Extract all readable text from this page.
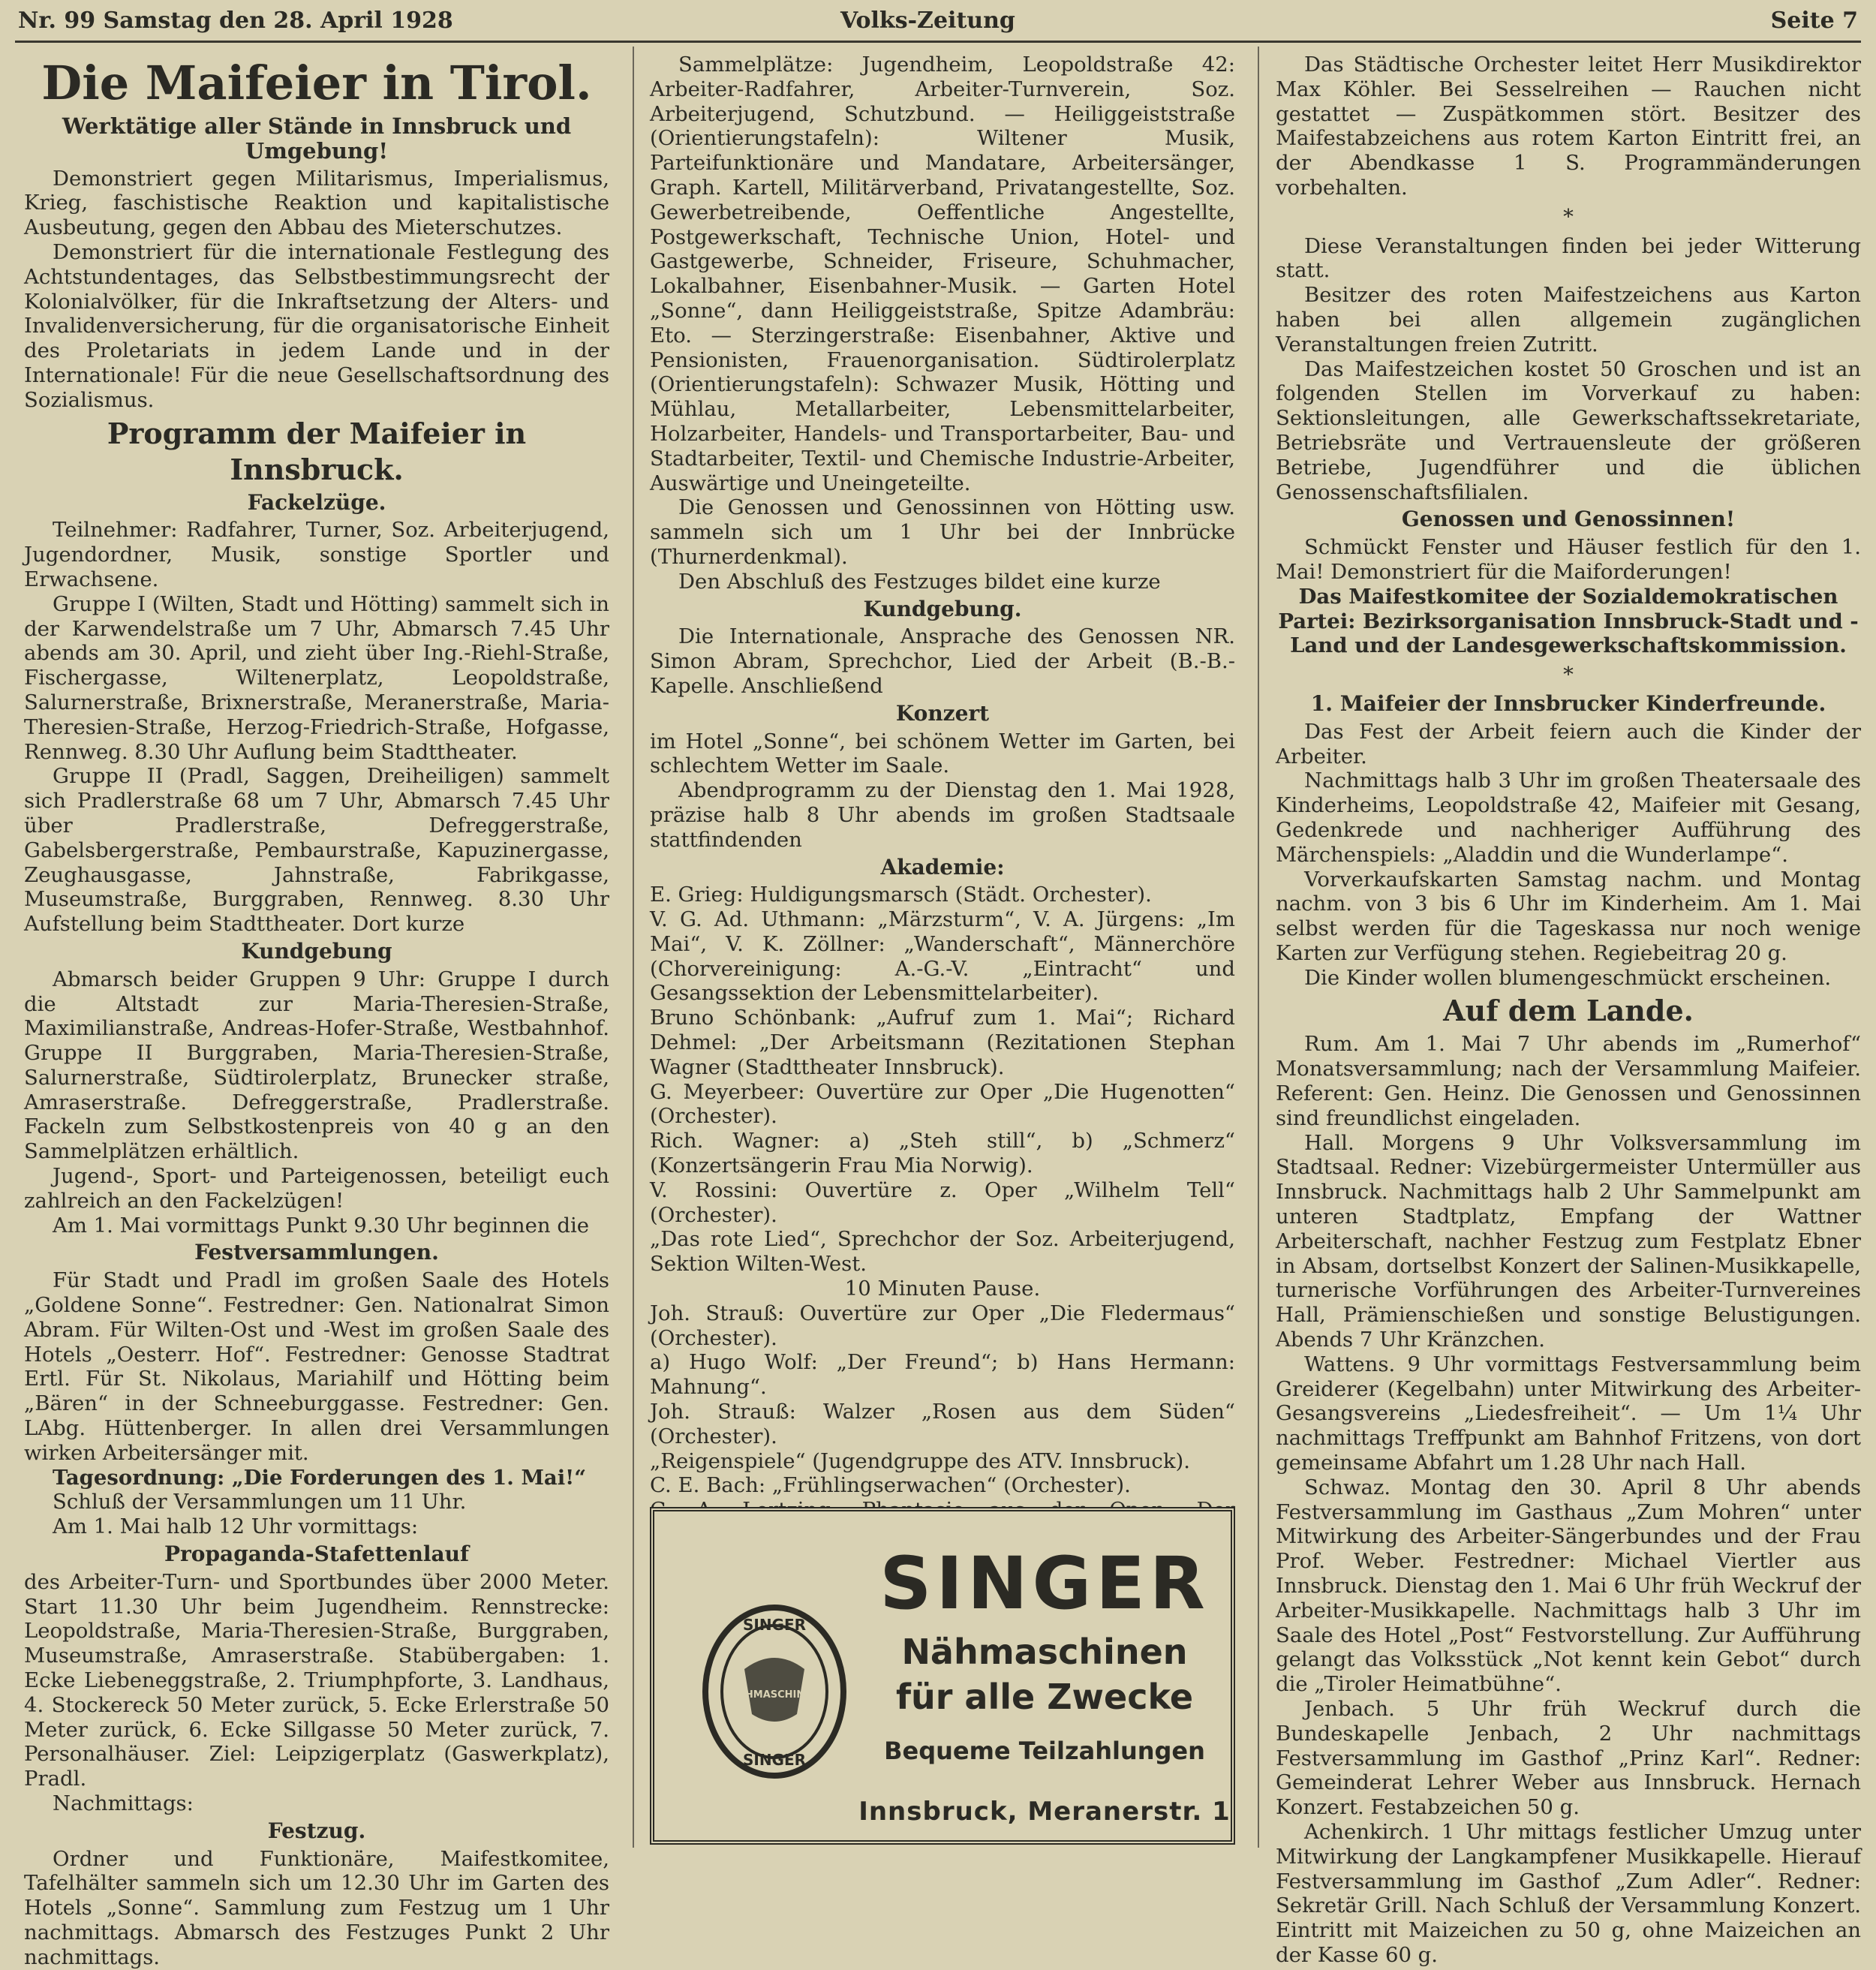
Nr. 99 Samstag den 28. April 1928	Volks-Zeitung	Seite 7
Die Maifeier in Tirol.
Werktätige aller Stände in Innsbruck und Umgebung!

Demonstriert gegen Militarismus, Imperialismus, Krieg, faschistische Reaktion und kapitalistische Ausbeutung, gegen den Abbau des Mieterschutzes.

Demonstriert für die internationale Festlegung des Achtstundentages, das Selbstbestimmungsrecht der Kolonialvölker, für die Inkraftsetzung der Alters- und Invalidenversicherung, für die organisatorische Einheit des Proletariats in jedem Lande und in der Internationale! Für die neue Gesellschaftsordnung des Sozialismus.

Programm der Maifeier in Innsbruck.
Fackelzüge.

Teilnehmer: Radfahrer, Turner, Soz. Arbeiterjugend, Jugendordner, Musik, sonstige Sportler und Erwachsene.

Gruppe I (Wilten, Stadt und Hötting) sammelt sich in der Karwendelstraße um 7 Uhr, Abmarsch 7.45 Uhr abends am 30. April, und zieht über Ing.-Riehl-Straße, Fischergasse, Wiltenerplatz, Leopoldstraße, Salurnerstraße, Brixnerstraße, Meranerstraße, Maria-Theresien-Straße, Herzog-Friedrich-Straße, Hofgasse, Rennweg. 8.30 Uhr Auflung beim Stadttheater.

Gruppe II (Pradl, Saggen, Dreiheiligen) sammelt sich Pradlerstraße 68 um 7 Uhr, Abmarsch 7.45 Uhr über Pradlerstraße, Defreggerstraße, Gabelsbergerstraße, Pembaurstraße, Kapuzinergasse, Zeughausgasse, Jahnstraße, Fabrikgasse, Museumstraße, Burggraben, Rennweg. 8.30 Uhr Aufstellung beim Stadttheater. Dort kurze

Kundgebung

Abmarsch beider Gruppen 9 Uhr: Gruppe I durch die Altstadt zur Maria-Theresien-Straße, Maximilianstraße, Andreas-Hofer-Straße, Westbahnhof. Gruppe II Burggraben, Maria-Theresien-Straße, Salurnerstraße, Südtirolerplatz, Brunecker straße, Amraserstraße. Defreggerstraße, Pradlerstraße. Fackeln zum Selbstkostenpreis von 40 g an den Sammelplätzen erhältlich.

Jugend-, Sport- und Parteigenossen, beteiligt euch zahlreich an den Fackelzügen!

Am 1. Mai vormittags Punkt 9.30 Uhr beginnen die

Festversammlungen.

Für Stadt und Pradl im großen Saale des Hotels „Goldene Sonne“. Festredner: Gen. Nationalrat Simon Abram. Für Wilten-Ost und -West im großen Saale des Hotels „Oesterr. Hof“. Festredner: Genosse Stadtrat Ertl. Für St. Nikolaus, Mariahilf und Hötting beim „Bären“ in der Schneeburggasse. Festredner: Gen. LAbg. Hüttenberger. In allen drei Versammlungen wirken Arbeitersänger mit.

Tagesordnung: „Die Forderungen des 1. Mai!“

Schluß der Versammlungen um 11 Uhr.

Am 1. Mai halb 12 Uhr vormittags:

Propaganda-Stafettenlauf

des Arbeiter-Turn- und Sportbundes über 2000 Meter. Start 11.30 Uhr beim Jugendheim. Rennstrecke: Leopoldstraße, Maria-Theresien-Straße, Burggraben, Museumstraße, Amraserstraße. Stabübergaben: 1. Ecke Liebeneggstraße, 2. Triumphpforte, 3. Landhaus, 4. Stockereck 50 Meter zurück, 5. Ecke Erlerstraße 50 Meter zurück, 6. Ecke Sillgasse 50 Meter zurück, 7. Personalhäuser. Ziel: Leipzigerplatz (Gaswerkplatz), Pradl.

Nachmittags:

Festzug.

Ordner und Funktionäre, Maifestkomitee, Tafelhälter sammeln sich um 12.30 Uhr im Garten des Hotels „Sonne“. Sammlung zum Festzug um 1 Uhr nachmittags. Abmarsch des Festzuges Punkt 2 Uhr nachmittags.

Sammelplätze: Jugendheim, Leopoldstraße 42: Arbeiter-Radfahrer, Arbeiter-Turnverein, Soz. Arbeiterjugend, Schutzbund. — Heiliggeiststraße (Orientierungstafeln): Wiltener Musik, Parteifunktionäre und Mandatare, Arbeitersänger, Graph. Kartell, Militärverband, Privatangestellte, Soz. Gewerbetreibende, Oeffentliche Angestellte, Postgewerkschaft, Technische Union, Hotel- und Gastgewerbe, Schneider, Friseure, Schuhmacher, Lokalbahner, Eisenbahner-Musik. — Garten Hotel „Sonne“, dann Heiliggeiststraße, Spitze Adambräu: Eto. — Sterzingerstraße: Eisenbahner, Aktive und Pensionisten, Frauenorganisation. Südtirolerplatz (Orientierungstafeln): Schwazer Musik, Hötting und Mühlau, Metallarbeiter, Lebensmittelarbeiter, Holzarbeiter, Handels- und Transportarbeiter, Bau- und Stadtarbeiter, Textil- und Chemische Industrie-Arbeiter, Auswärtige und Uneingeteilte.

Die Genossen und Genossinnen von Hötting usw. sammeln sich um 1 Uhr bei der Innbrücke (Thurnerdenkmal).

Den Abschluß des Festzuges bildet eine kurze

Kundgebung.

Die Internationale, Ansprache des Genossen NR. Simon Abram, Sprechchor, Lied der Arbeit (B.-B.-Kapelle. Anschließend

Konzert

im Hotel „Sonne“, bei schönem Wetter im Garten, bei schlechtem Wetter im Saale.

Abendprogramm zu der Dienstag den 1. Mai 1928, präzise halb 8 Uhr abends im großen Stadtsaale stattfindenden

Akademie:

E. Grieg: Huldigungsmarsch (Städt. Orchester).

V. G. Ad. Uthmann: „Märzsturm“, V. A. Jürgens: „Im Mai“, V. K. Zöllner: „Wanderschaft“, Männerchöre (Chorvereinigung: A.-G.-V. „Eintracht“ und Gesangssektion der Lebensmittelarbeiter).

Bruno Schönbank: „Aufruf zum 1. Mai“; Richard Dehmel: „Der Arbeitsmann (Rezitationen Stephan Wagner (Stadttheater Innsbruck).

G. Meyerbeer: Ouvertüre zur Oper „Die Hugenotten“ (Orchester).

Rich. Wagner: a) „Steh still“, b) „Schmerz“ (Konzertsängerin Frau Mia Norwig).

V. Rossini: Ouvertüre z. Oper „Wilhelm Tell“ (Orchester).

„Das rote Lied“, Sprechchor der Soz. Arbeiterjugend, Sektion Wilten-West.

10 Minuten Pause.

Joh. Strauß: Ouvertüre zur Oper „Die Fledermaus“ (Orchester).

a) Hugo Wolf: „Der Freund“; b) Hans Hermann: Mahnung“.

Joh. Strauß: Walzer „Rosen aus dem Süden“ (Orchester).

„Reigenspiele“ (Jugendgruppe des ATV. Innsbruck).

C. E. Bach: „Frühlingserwachen“ (Orchester).

SINGER
NÄHMASCHINEN
SINGER
SINGER
Nähmaschinen
für alle Zwecke
Bequeme Teilzahlungen
Innsbruck, Meranerstr. 1

Das Städtische Orchester leitet Herr Musikdirektor Max Köhler. Bei Sesselreihen — Rauchen nicht gestattet — Zuspätkommen stört. Besitzer des Maifestabzeichens aus rotem Karton Eintritt frei, an der Abendkasse 1 S. Programmänderungen vorbehalten.

*

Diese Veranstaltungen finden bei jeder Witterung statt.

Besitzer des roten Maifestzeichens aus Karton haben bei allen allgemein zugänglichen Veranstaltungen freien Zutritt.

Das Maifestzeichen kostet 50 Groschen und ist an folgenden Stellen im Vorverkauf zu haben: Sektionsleitungen, alle Gewerkschaftssekretariate, Betriebsräte und Vertrauensleute der größeren Betriebe, Jugendführer und die üblichen Genossenschaftsfilialen.

Genossen und Genossinnen!

Schmückt Fenster und Häuser festlich für den 1. Mai! Demonstriert für die Maiforderungen!

Das Maifestkomitee der Sozialdemokratischen Partei: Bezirksorganisation Innsbruck-Stadt und -Land und der Landesgewerkschaftskommission.

*
1. Maifeier der Innsbrucker Kinderfreunde.

Das Fest der Arbeit feiern auch die Kinder der Arbeiter.

Nachmittags halb 3 Uhr im großen Theatersaale des Kinderheims, Leopoldstraße 42, Maifeier mit Gesang, Gedenkrede und nachheriger Aufführung des Märchenspiels: „Aladdin und die Wunderlampe“.

Vorverkaufskarten Samstag nachm. und Montag nachm. von 3 bis 6 Uhr im Kinderheim. Am 1. Mai selbst werden für die Tageskassa nur noch wenige Karten zur Verfügung stehen. Regiebeitrag 20 g.

Die Kinder wollen blumengeschmückt erscheinen.

Auf dem Lande.

Rum. Am 1. Mai 7 Uhr abends im „Rumerhof“ Monatsversammlung; nach der Versammlung Maifeier. Referent: Gen. Heinz. Die Genossen und Genossinnen sind freundlichst eingeladen.

Hall. Morgens 9 Uhr Volksversammlung im Stadtsaal. Redner: Vizebürgermeister Untermüller aus Innsbruck. Nachmittags halb 2 Uhr Sammelpunkt am unteren Stadtplatz, Empfang der Wattner Arbeiterschaft, nachher Festzug zum Festplatz Ebner in Absam, dortselbst Konzert der Salinen-Musikkapelle, turnerische Vorführungen des Arbeiter-Turnvereines Hall, Prämienschießen und sonstige Belustigungen. Abends 7 Uhr Kränzchen.

Wattens. 9 Uhr vormittags Festversammlung beim Greiderer (Kegelbahn) unter Mitwirkung des Arbeiter-Gesangsvereins „Liedesfreiheit“. — Um 1¼ Uhr nachmittags Treffpunkt am Bahnhof Fritzens, von dort gemeinsame Abfahrt um 1.28 Uhr nach Hall.

Schwaz. Montag den 30. April 8 Uhr abends Festversammlung im Gasthaus „Zum Mohren“ unter Mitwirkung des Arbeiter-Sängerbundes und der Frau Prof. Weber. Festredner: Michael Viertler aus Innsbruck. Dienstag den 1. Mai 6 Uhr früh Weckruf der Arbeiter-Musikkapelle. Nachmittags halb 3 Uhr im Saale des Hotel „Post“ Festvorstellung. Zur Aufführung gelangt das Volksstück „Not kennt kein Gebot“ durch die „Tiroler Heimatbühne“.

Jenbach. 5 Uhr früh Weckruf durch die Bundeskapelle Jenbach, 2 Uhr nachmittags Festversammlung im Gasthof „Prinz Karl“. Redner: Gemeinderat Lehrer Weber aus Innsbruck. Hernach Konzert. Festabzeichen 50 g.

Achenkirch. 1 Uhr mittags festlicher Umzug unter Mitwirkung der Langkampfener Musikkapelle. Hierauf Festversammlung im Gasthof „Zum Adler“. Redner: Sekretär Grill. Nach Schluß der Versammlung Konzert. Eintritt mit Maizeichen zu 50 g, ohne Maizeichen an der Kasse 60 g.
